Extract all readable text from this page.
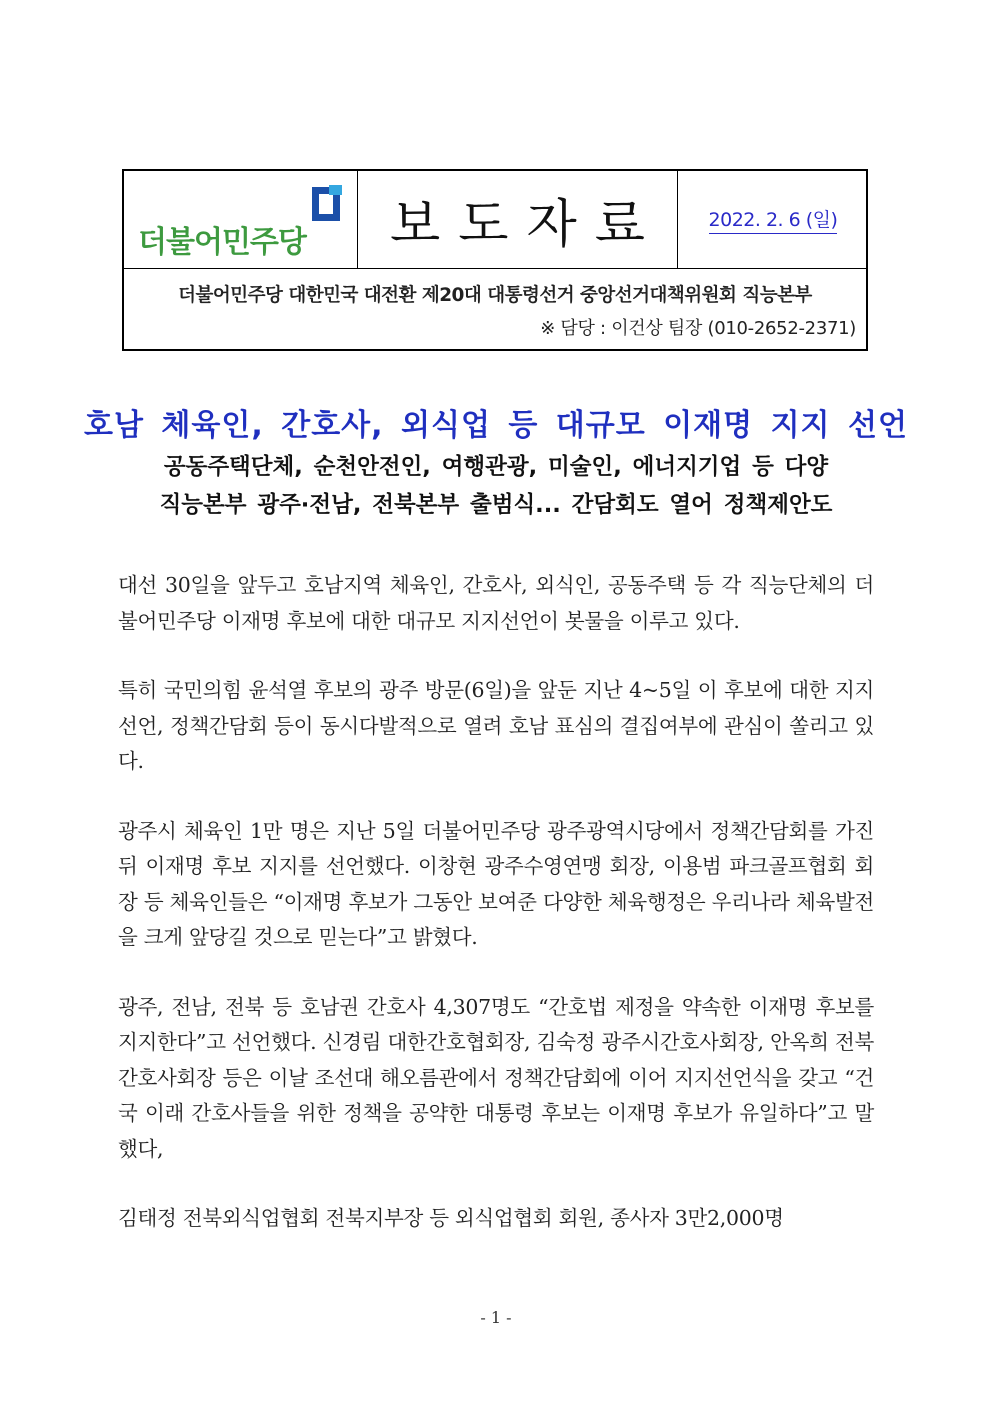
더불어민주당	보도자료 2022. 2. 6 (일)
더불어민주당 대한민국 대전환 제20대 대통령선거 중앙선거대책위원회 직능본부
※ 담당 : 이건상 팀장 (010-2652-2371)
호남 체육인, 간호사, 외식업 등 대규모 이재명 지지 선언
공동주택단체, 순천안전인, 여행관광, 미술인, 에너지기업 등 다양
직능본부 광주·전남, 전북본부 출범식... 간담회도 열어 정책제안도

대선 30일을 앞두고 호남지역 체육인, 간호사, 외식인, 공동주택 등 각 직능단체의 더불어민주당 이재명 후보에 대한 대규모 지지선언이 봇물을 이루고 있다.

특히 국민의힘 윤석열 후보의 광주 방문(6일)을 앞둔 지난 4~5일 이 후보에 대한 지지 선언, 정책간담회 등이 동시다발적으로 열려 호남 표심의 결집여부에 관심이 쏠리고 있다.

광주시 체육인 1만 명은 지난 5일 더불어민주당 광주광역시당에서 정책간담회를 가진 뒤 이재명 후보 지지를 선언했다. 이창현 광주수영연맹 회장, 이용범 파크골프협회 회장 등 체육인들은 “이재명 후보가 그동안 보여준 다양한 체육행정은 우리나라 체육발전을 크게 앞당길 것으로 믿는다”고 밝혔다.

광주, 전남, 전북 등 호남권 간호사 4,307명도 “간호법 제정을 약속한 이재명 후보를 지지한다”고 선언했다. 신경림 대한간호협회장, 김숙정 광주시간호사회장, 안옥희 전북간호사회장 등은 이날 조선대 해오름관에서 정책간담회에 이어 지지선언식을 갖고 “건국 이래 간호사들을 위한 정책을 공약한 대통령 후보는 이재명 후보가 유일하다”고 말했다,

김태정 전북외식업협회 전북지부장 등 외식업협회 회원, 종사자 3만2,000명

- 1 -
